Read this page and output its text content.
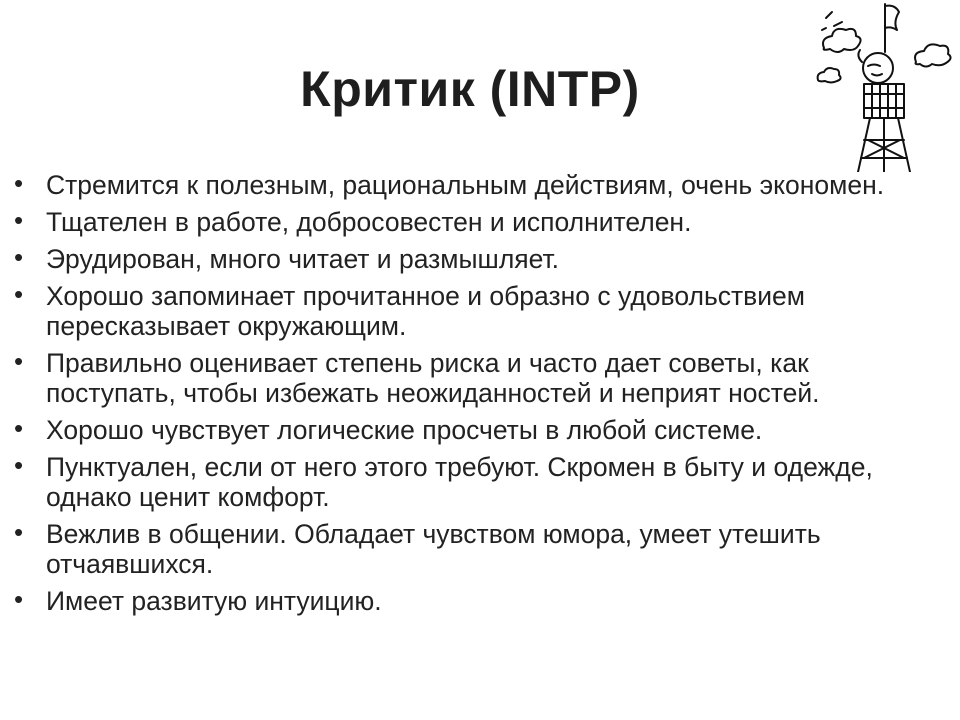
Критик (INTP)
• Стремится к полезным, рациональным действиям, очень экономен.
• Тщателен в работе, добросовестен и исполнителен.
• Эрудирован, много читает и размышляет.
• Хорошо запоминает прочитанное и образно с удовольствием пересказывает окружающим.
• Правильно оценивает степень риска и часто дает советы, как поступать, чтобы избежать неожиданностей и неприят ностей.
• Хорошо чувствует логические просчеты в любой системе.
• Пунктуален, если от него этого требуют. Скромен в быту и одежде, однако ценит комфорт.
• Вежлив в общении. Обладает чувством юмора, умеет утешить отчаявшихся.
• Имеет развитую интуицию.
